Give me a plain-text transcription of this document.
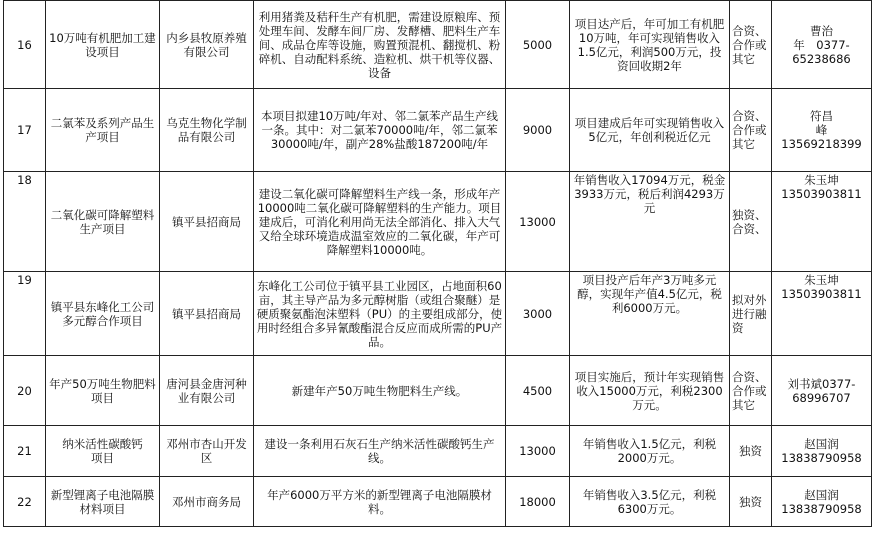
16	10万吨有机肥加工建设项目	内乡县牧原养殖有限公司	利用猪粪及秸秆生产有机肥，需建设原粮库、预处理车间、发酵车间厂房、发酵槽、肥料生产车间、成品仓库等设施，购置预混机、翻搅机、粉碎机、自动配料系统、造粒机、烘干机等仪器、设备	5000	项目达产后，年可加工有机肥10万吨，年可实现销售收入1.5亿元，利润500万元，投资回收期2年	合资、合作或其它	曹治
年　0377-65238686

17	二氯苯及系列产品生产项目	乌克生物化学制品有限公司	本项目拟建10万吨/年对、邻二氯苯产品生产线一条。其中：对二氯苯70000吨/年，邻二氯苯30000吨/年，副产28%盐酸187200吨/年	9000	项目建成后年可实现销售收入5亿元，年创利税近亿元	合资、合作或其它	符昌
峰　13569218399

18	二氧化碳可降解塑料生产项目	镇平县招商局	建设二氧化碳可降解塑料生产线一条，形成年产10000吨二氧化碳可降解塑料的生产能力。项目建成后，可消化利用尚无法全部消化、排入大气又给全球环境造成温室效应的二氧化碳，年产可降解塑料10000吨。	13000	年销售收入17094万元，税金3933万元，税后利润4293万元	独资、合资、	朱玉坤
13503903811

19	镇平县东峰化工公司多元醇合作项目	镇平县招商局	东峰化工公司位于镇平县工业园区，占地面积60亩，其主导产品为多元醇树脂（或组合聚醚）是硬质聚氨酯泡沫塑料（PU）的主要组成部分，使用时经组合多异氰酸酯混合反应而成所需的PU产品。	3000	项目投产后年产3万吨多元醇，实现年产值4.5亿元，税利6000万元。	拟对外进行融资	朱玉坤
13503903811

20	年产50万吨生物肥料项目	唐河县金唐河种业有限公司	新建年产50万吨生物肥料生产线。	4500	项目实施后，预计年实现销售收入15000万元，利税2300万元。	合资、合作或其它	刘书斌0377-
68996707

21	纳米活性碳酸钙　　项目	邓州市杏山开发区	建设一条利用石灰石生产纳米活性碳酸钙生产线。	13000	年销售收入1.5亿元，利税2000万元。	独资	赵国润
13838790958

22	新型锂离子电池隔膜材料项目	邓州市商务局	年产6000万平方米的新型锂离子电池隔膜材料。	18000	年销售收入3.5亿元，利税6300万元。	独资	赵国润
13838790958
